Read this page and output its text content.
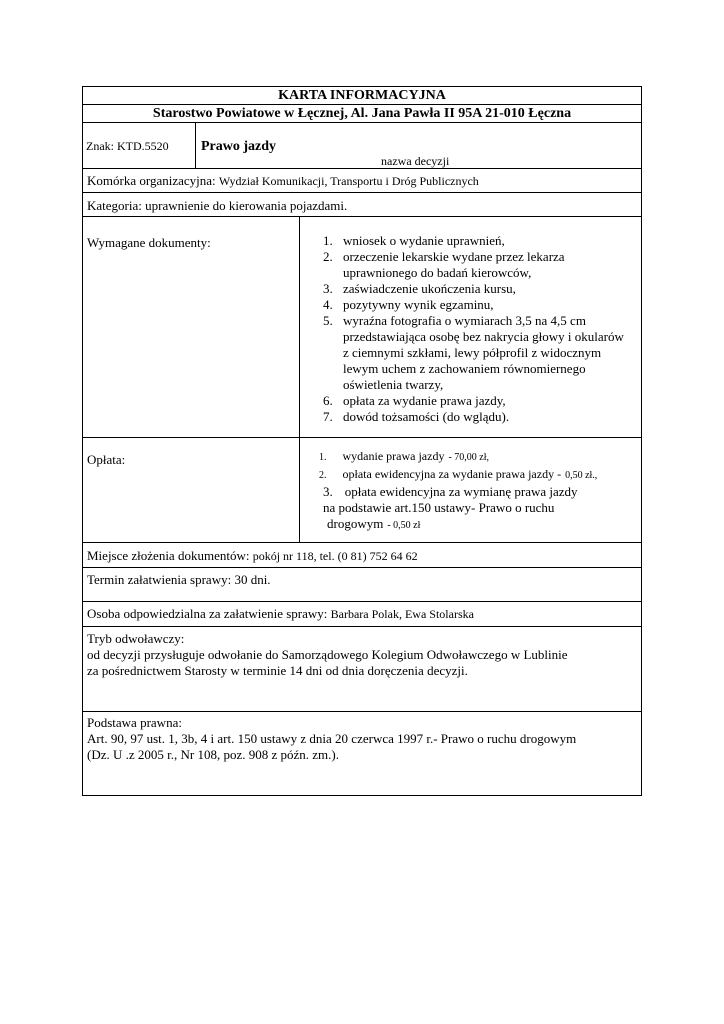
KARTA INFORMACYJNA
Starostwo Powiatowe w Łęcznej, Al. Jana Pawła II 95A 21-010 Łęczna
Znak: KTD.5520 Prawo jazdy
nazwa decyzji
Komórka organizacyjna: Wydział Komunikacji, Transportu i Dróg Publicznych
Kategoria: uprawnienie do kierowania pojazdami.
Wymagane dokumenty:	1. wniosek o wydanie uprawnień,
2. orzeczenie lekarskie wydane przez lekarza
uprawnionego do badań kierowców,
3. zaświadczenie ukończenia kursu,
4. pozytywny wynik egzaminu,
5. wyraźna fotografia o wymiarach 3,5 na 4,5 cm
przedstawiająca osobę bez nakrycia głowy i okularów
z ciemnymi szkłami, lewy półprofil z widocznym
lewym uchem z zachowaniem równomiernego
oświetlenia twarzy,
6. opłata za wydanie prawa jazdy,
7. dowód tożsamości (do wglądu).
Opłata:	1. wydanie prawa jazdy - 70,00 zł,
2. opłata ewidencyjna za wydanie prawa jazdy - 0,50 zł.,
3. opłata ewidencyjna za wymianę prawa jazdy
na podstawie art.150 ustawy- Prawo o ruchu
drogowym - 0,50 zł
Miejsce złożenia dokumentów: pokój nr 118, tel. (0 81) 752 64 62
Termin załatwienia sprawy: 30 dni.
Osoba odpowiedzialna za załatwienie sprawy: Barbara Polak, Ewa Stolarska
Tryb odwoławczy:
od decyzji przysługuje odwołanie do Samorządowego Kolegium Odwoławczego w Lublinie
za pośrednictwem Starosty w terminie 14 dni od dnia doręczenia decyzji.
Podstawa prawna:
Art. 90, 97 ust. 1, 3b, 4 i art. 150 ustawy z dnia 20 czerwca 1997 r.- Prawo o ruchu drogowym
(Dz. U .z 2005 r., Nr 108, poz. 908 z późn. zm.).
